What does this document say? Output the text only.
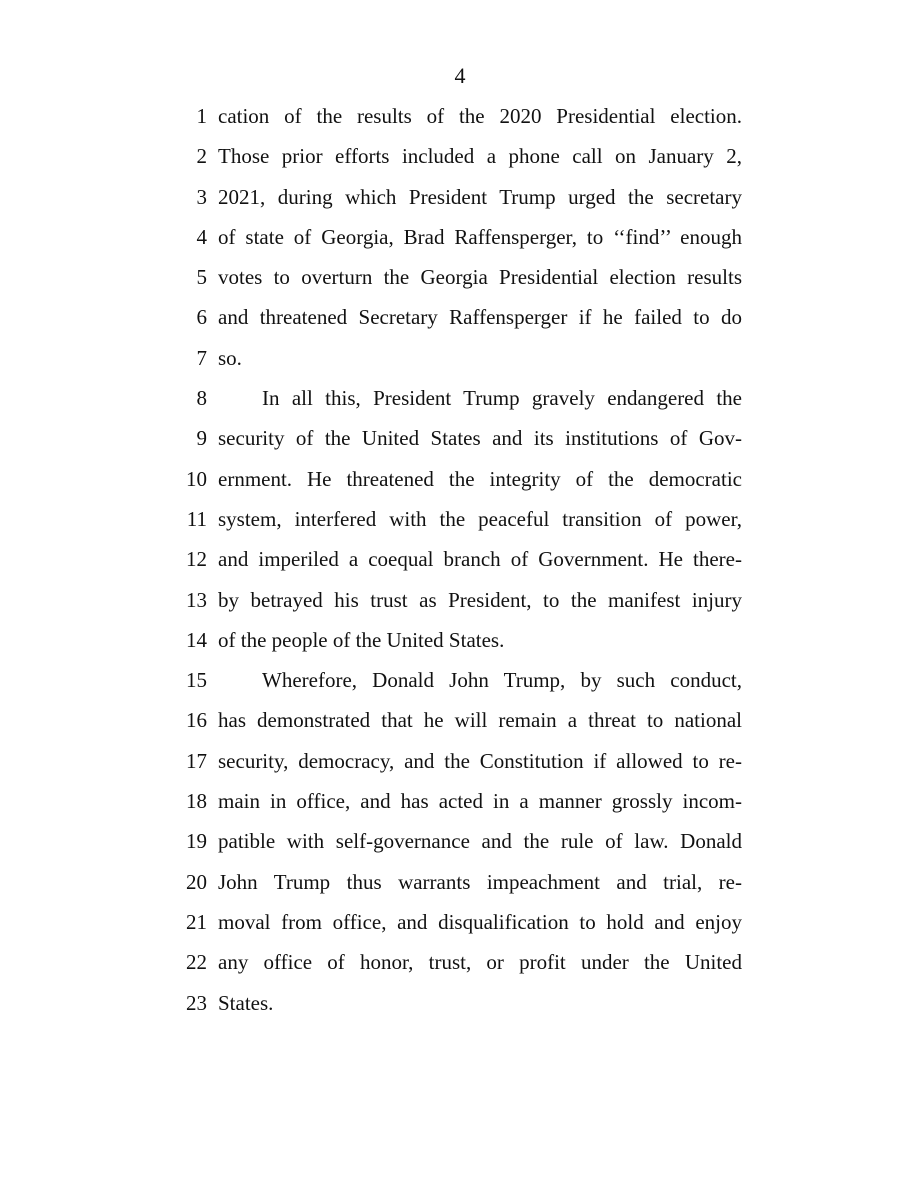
4
1 cation of the results of the 2020 Presidential election.
2 Those prior efforts included a phone call on January 2,
3 2021, during which President Trump urged the secretary
4 of state of Georgia, Brad Raffensperger, to ‘‘find’’ enough
5 votes to overturn the Georgia Presidential election results
6 and threatened Secretary Raffensperger if he failed to do
7 so.
8	In all this, President Trump gravely endangered the
9 security of the United States and its institutions of Gov-
10 ernment. He threatened the integrity of the democratic
11 system, interfered with the peaceful transition of power,
12 and imperiled a coequal branch of Government. He there-
13 by betrayed his trust as President, to the manifest injury
14 of the people of the United States.
15	Wherefore, Donald John Trump, by such conduct,
16 has demonstrated that he will remain a threat to national
17 security, democracy, and the Constitution if allowed to re-
18 main in office, and has acted in a manner grossly incom-
19 patible with self-governance and the rule of law. Donald
20 John Trump thus warrants impeachment and trial, re-
21 moval from office, and disqualification to hold and enjoy
22 any office of honor, trust, or profit under the United
23 States.
